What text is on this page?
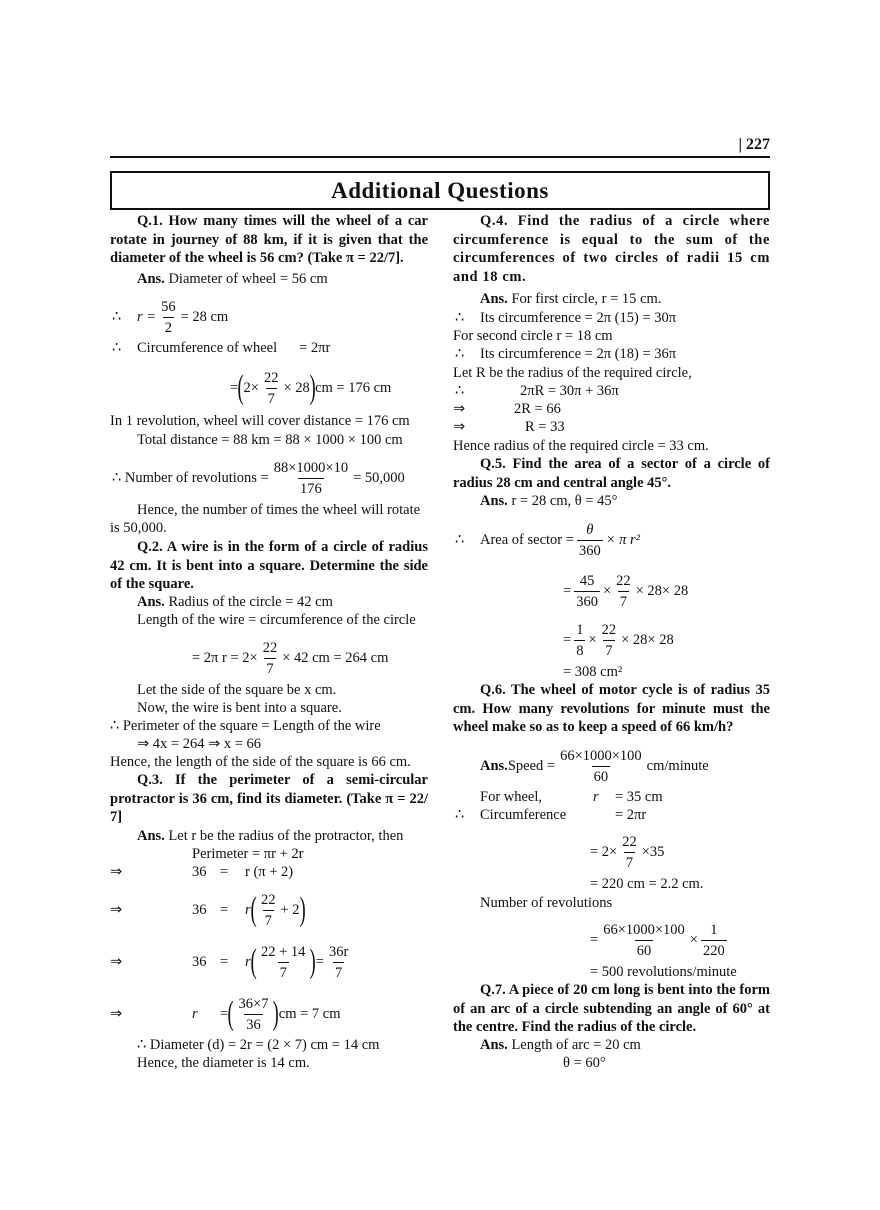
| 227
Additional Questions
Q.1. How many times will the wheel of a car rotate in journey of 88 km, if it is given that the diameter of the wheel is 56 cm? (Take π = 22/7].
Ans. Diameter of wheel = 56 cm
∴	$r = \frac{56}{2} = 28$ cm
∴ Circumference of wheel = 2πr
= ( $2\times \frac{22}{7} \times 28$ ) cm = 176 cm
In 1 revolution, wheel will cover distance = 176 cm
Total distance = 88 km = 88 × 1000 × 100 cm
∴ Number of revolutions = $\frac{88\times 1000\times 10}{176} = 50,000$
Hence, the number of times the wheel will rotate
is 50,000.
Q.2. A wire is in the form of a circle of radius 42 cm. It is bent into a square. Determine the side of the square.
Ans. Radius of the circle = 42 cm
Length of the wire = circumference of the circle
= 2π $r = 2\times \frac{22}{7} \times 42$ cm = 264 cm
Let the side of the square be x cm.
Now, the wire is bent into a square.
∴ Perimeter of the square = Length of the wire
⇒ 4x = 264 ⇒ x = 66
Hence, the length of the side of the square is 66 cm.
Q.3. If the perimeter of a semi-circular protractor is 36 cm, find its diameter. (Take π = 22/ 7]
Ans. Let r be the radius of the protractor, then
Perimeter = πr + 2r
⇒	36 = r (π + 2)
⇒	36 =	r ( $\frac{22}{7} + 2$ )
⇒	36 =	r ( $\frac{22 + 14}{7}$ ) = $\frac{36r}{7}$
⇒	r	= ( $\frac{36\times 7}{36}$ ) cm = 7 cm
∴ Diameter (d) = 2r = (2 × 7) cm = 14 cm
Hence, the diameter is 14 cm.
Q.4. Find the radius of a circle where circumference is equal to the sum of the circumferences of two circles of radii 15 cm and 18 cm.
Ans. For first circle, r = 15 cm.
∴ Its circumference = 2π (15) = 30π
For second circle r = 18 cm
∴ Its circumference = 2π (18) = 36π
Let R be the radius of the required circle,
∴	2πR = 30π + 36π
⇒	2R = 66
⇒	R = 33
Hence radius of the required circle = 33 cm.
Q.5. Find the area of a sector of a circle of radius 28 cm and central angle 45°.
Ans. r = 28 cm, θ = 45°
∴	Area of sector = $\frac{\theta}{360} \times \pi$ r²
= $\frac{45}{360} \times \frac{22}{7} \times 28\times 28$
= $\frac{1}{8} \times \frac{22}{7} \times 28\times 28$
= 308 cm²
Q.6. The wheel of motor cycle is of radius 35 cm. How many revolutions for minute must the wheel make so as to keep a speed of 66 km/h?
Ans. Speed = $\frac{66\times 1000\times 100}{60}$ cm/minute
For wheel,	r = 35 cm
∴ Circumference	= 2πr
= $2\times \frac{22}{7} \times 35$
= 220 cm = 2.2 cm.
Number of revolutions
= $\frac{66\times 1000\times 100}{60} \times \frac{1}{220}$
= 500 revolutions/minute
Q.7. A piece of 20 cm long is bent into the form of an arc of a circle subtending an angle of 60° at the centre. Find the radius of the circle.
Ans. Length of arc = 20 cm
θ = 60°
